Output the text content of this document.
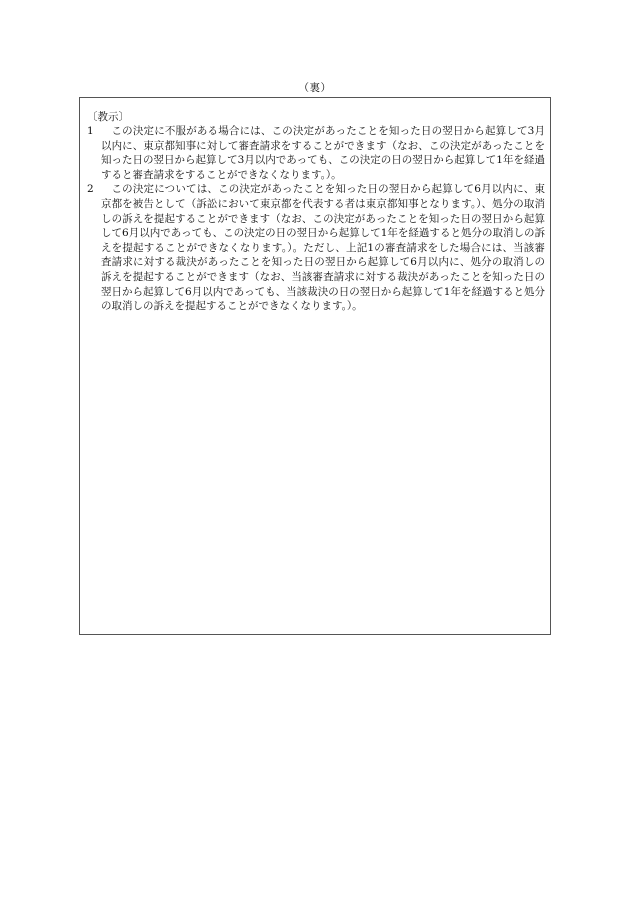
（裏）

〔教示〕

1	この決定に不服がある場合には、この決定があったことを知った日の翌日から起算して3月以内に、東京都知事に対して審査請求をすることができます（なお、この決定があったことを知った日の翌日から起算して3月以内であっても、この決定の日の翌日から起算して1年を経過すると審査請求をすることができなくなります。）。
2	この決定については、この決定があったことを知った日の翌日から起算して6月以内に、東京都を被告として（訴訟において東京都を代表する者は東京都知事となります。）、処分の取消しの訴えを提起することができます（なお、この決定があったことを知った日の翌日から起算して6月以内であっても、この決定の日の翌日から起算して1年を経過すると処分の取消しの訴えを提起することができなくなります。）。ただし、上記1の審査請求をした場合には、当該審査請求に対する裁決があったことを知った日の翌日から起算して6月以内に、処分の取消しの訴えを提起することができます（なお、当該審査請求に対する裁決があったことを知った日の翌日から起算して6月以内であっても、当該裁決の日の翌日から起算して1年を経過すると処分の取消しの訴えを提起することができなくなります。）。
